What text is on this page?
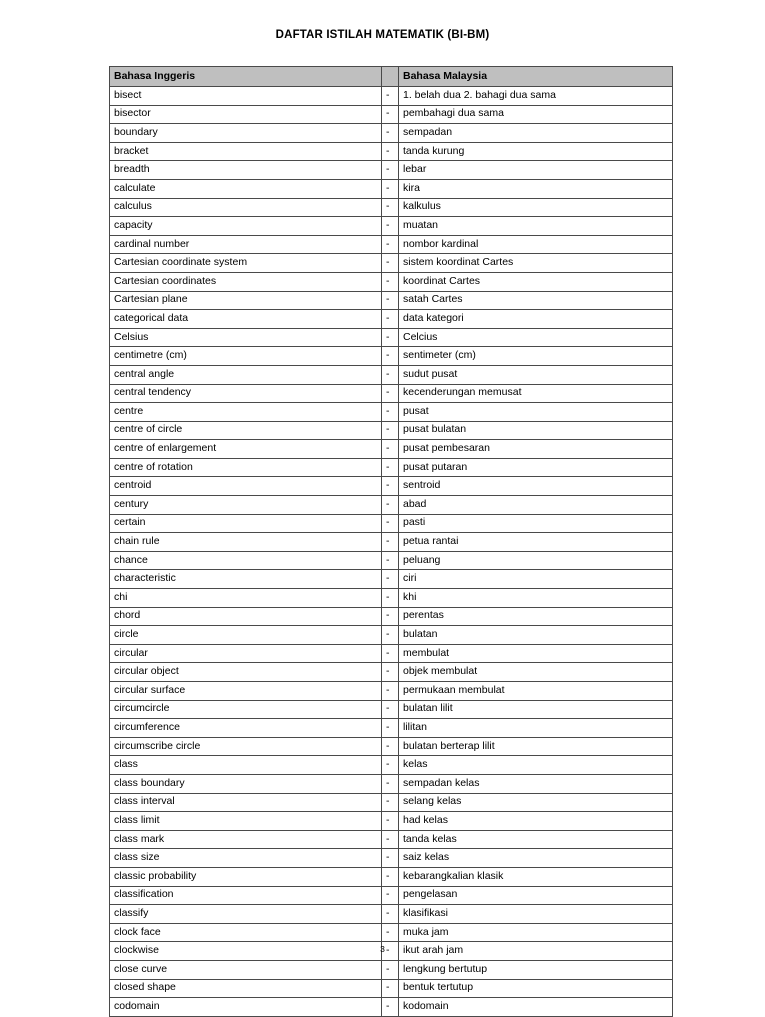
DAFTAR ISTILAH MATEMATIK (BI-BM)
Bahasa Inggeris		Bahasa Malaysia
bisect	-	1. belah dua 2. bahagi dua sama
bisector	-	pembahagi dua sama
boundary	-	sempadan
bracket	-	tanda kurung
breadth	-	lebar
calculate	-	kira
calculus	-	kalkulus
capacity	-	muatan
cardinal number	-	nombor kardinal
Cartesian coordinate system	-	sistem koordinat Cartes
Cartesian coordinates	-	koordinat Cartes
Cartesian plane	-	satah Cartes
categorical data	-	data kategori
Celsius	-	Celcius
centimetre (cm)	-	sentimeter (cm)
central angle	-	sudut pusat
central tendency	-	kecenderungan memusat
centre	-	pusat
centre of circle	-	pusat bulatan
centre of enlargement	-	pusat pembesaran
centre of rotation	-	pusat putaran
centroid	-	sentroid
century	-	abad
certain	-	pasti
chain rule	-	petua rantai
chance	-	peluang
characteristic	-	ciri
chi	-	khi
chord	-	perentas
circle	-	bulatan
circular	-	membulat
circular object	-	objek membulat
circular surface	-	permukaan membulat
circumcircle	-	bulatan lilit
circumference	-	lilitan
circumscribe circle	-	bulatan berterap lilit
class	-	kelas
class boundary	-	sempadan kelas
class interval	-	selang kelas
class limit	-	had kelas
class mark	-	tanda kelas
class size	-	saiz kelas
classic probability	-	kebarangkalian klasik
classification	-	pengelasan
classify	-	klasifikasi
clock face	-	muka jam
clockwise	-	ikut arah jam
close curve	-	lengkung bertutup
closed shape	-	bentuk tertutup
codomain	-	kodomain
3
